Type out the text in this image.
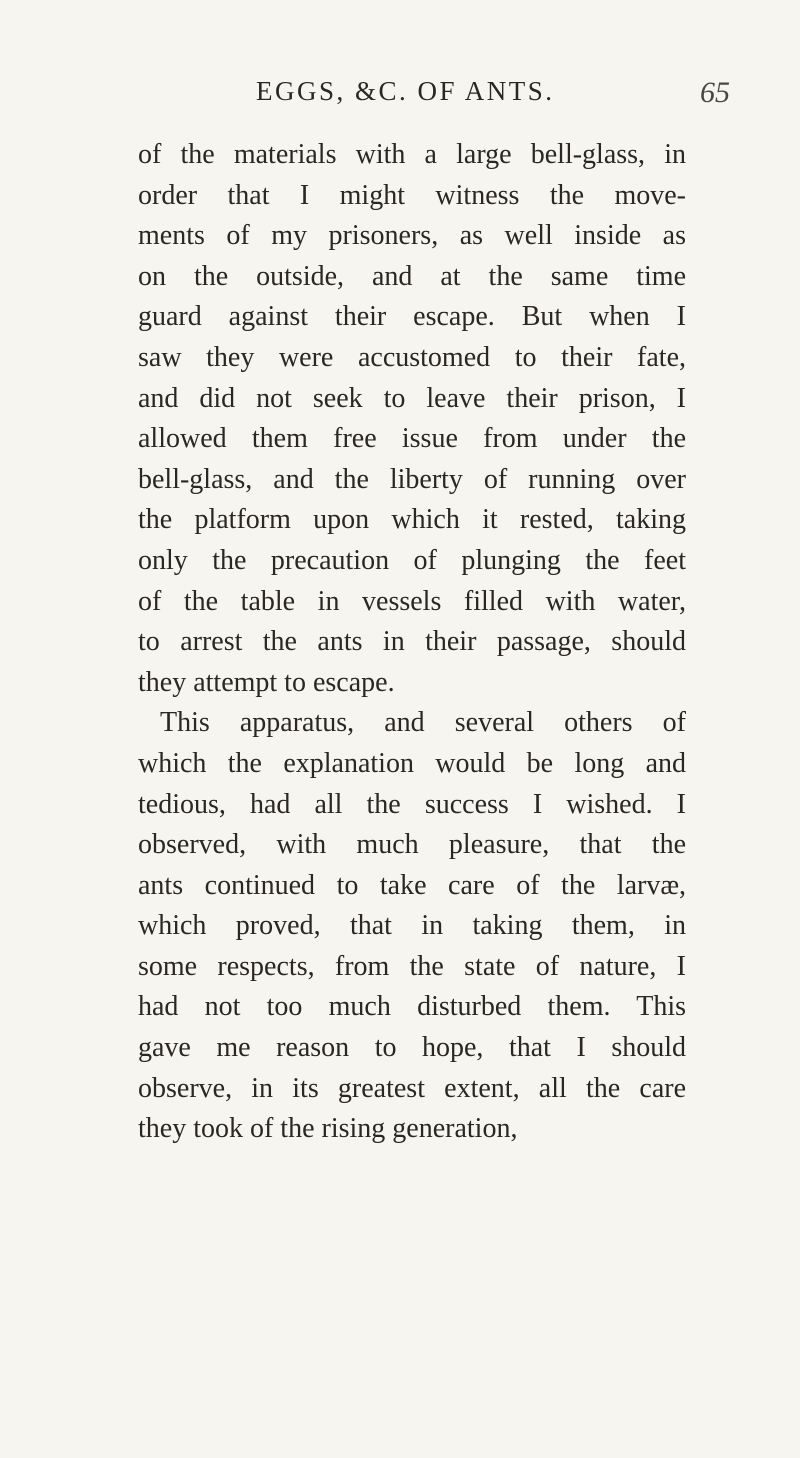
EGGS, &C. OF ANTS.	65
of the materials with a large bell-glass, in
order that I might witness the move-
ments of my prisoners, as well inside as
on the outside, and at the same time
guard against their escape. But when I
saw they were accustomed to their fate,
and did not seek to leave their prison, I
allowed them free issue from under the
bell-glass, and the liberty of running over
the platform upon which it rested, taking
only the precaution of plunging the feet
of the table in vessels filled with water,
to arrest the ants in their passage, should
they attempt to escape.
This apparatus, and several others of
which the explanation would be long and
tedious, had all the success I wished. I
observed, with much pleasure, that the
ants continued to take care of the larvæ,
which proved, that in taking them, in
some respects, from the state of nature, I
had not too much disturbed them. This
gave me reason to hope, that I should
observe, in its greatest extent, all the care
they took of the rising generation,
